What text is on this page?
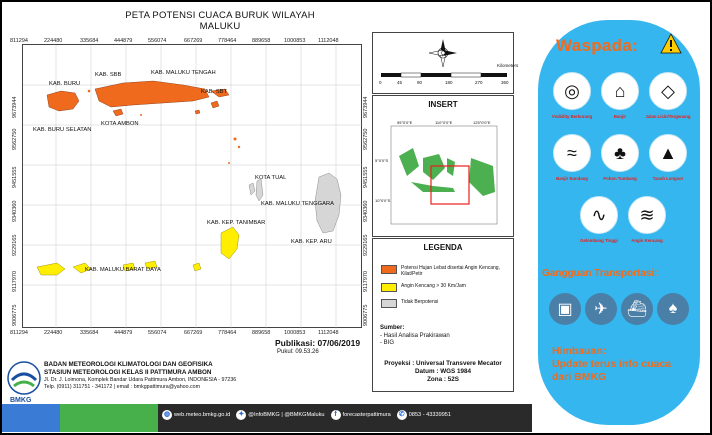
PETA POTENSI CUACA BURUK WILAYAH MALUKU
KAB. BURU
KAB. SBB	KAB. MALUKU TENGAH
KAB. SBT
KOTA AMBON
KAB. BURU SELATAN
KOTA TUAL
KAB. MALUKU TENGGARA
KAB. KEP. TANIMBAR
KAB. KEP. ARU
KAB. MALUKU BARAT DAYA
811294	224480	335684	444879	556074	667269	778464	889658 1000853 1112048
811294	224480	335684	444879	556074	667269	778464	889658 1000853 1112048
9673944
9562750
9451555
9340360
9229165
9117970
9006775
9673944
9562750
9451555
9340360
9229165
9117970
9006775
Publikasi: 07/06/2019
Pukul: 09.53.26
BMKG
BADAN METEOROLOGI KLIMATOLOGI DAN GEOFISIKA
STASIUN METEOROLOGI KELAS II PATTIMURA AMBON
Jl. Dr. J. Loimona, Komplek Bandar Udara Pattimura Ambon, INDONESIA - 97236
Telp. (0911) 311751 - 341172 | email : bmkgpattimura@yahoo.com
◍ web.meteo.bmkg.go.id ✦ @InfoBMKG | @BMKGMaluku	f	forecasterpattimura ✆ 0853 - 43339951
Kilometers
0	45	90	180	270	360
INSERT
95°0'0"E	110°0'0"E	125°0'0"E
5°0'0"S
10°0'0"S
LEGENDA
Potensi Hujan Lebat disertai Angin Kencang, Kilat/Petir
Angin Kencang > 30 Km/Jam
Tidak Berpotensi
Sumber:
- Hasil Analisa Prakirawan
- BIG
Proyeksi : Universal Transvere Mecator
Datum : WGS 1984
Zona : 52S
Waspada:
◎
Visibility Berkurang
⌂
Banjir
◇
Jalan Licin/Tergenang
≈
Banjir Bandang
♣
Pohon Tumbang
▲
Tanah Longsor
∿
Gelombang Tinggi
≋
Angin Kencang
Gangguan Transportasi:
▣	✈	⛴	♠
Himbauan:
Update terus info cuaca dari BMKG
